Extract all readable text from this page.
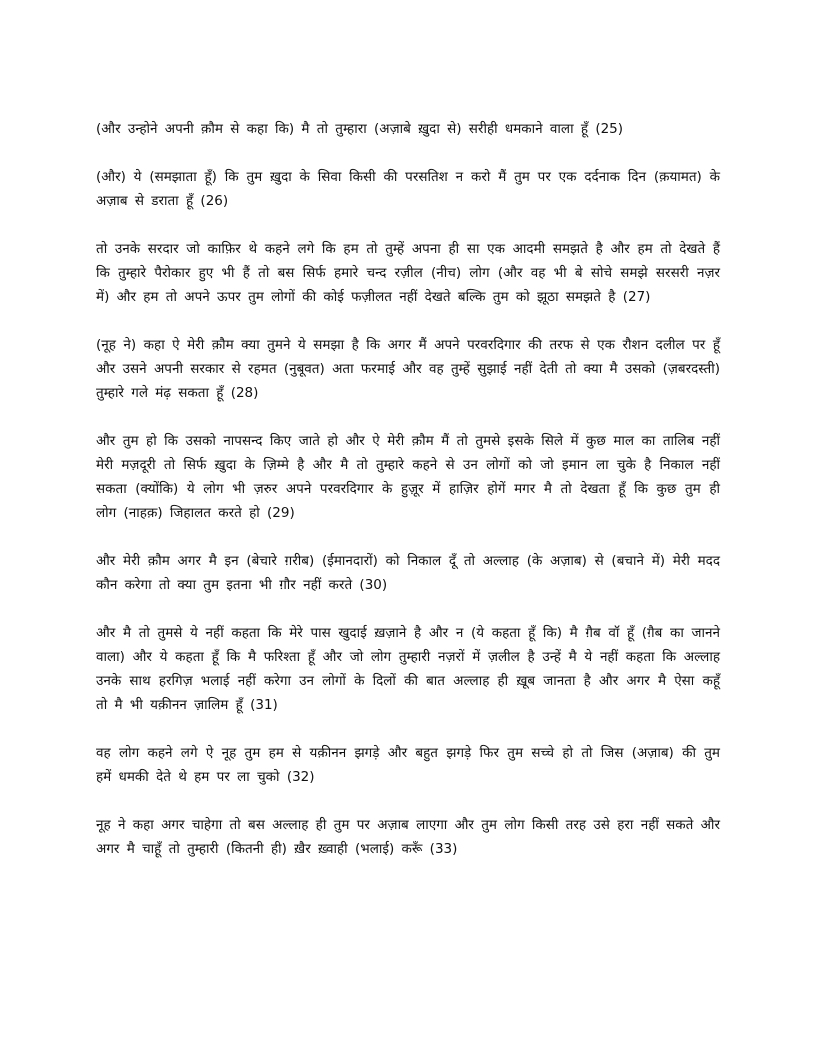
(और उन्होने अपनी क़ौम से कहा कि) मै तो तुम्हारा (अज़ाबे ख़ुदा से) सरीही धमकाने वाला हूँ (25)

(और) ये (समझाता हूँ) कि तुम ख़ुदा के सिवा किसी की परसतिश न करो मैं तुम पर एक दर्दनाक दिन (क़यामत) के अज़ाब से डराता हूँ (26)

तो उनके सरदार जो काफ़िर थे कहने लगे कि हम तो तुम्हें अपना ही सा एक आदमी समझते है और हम तो देखते हैं कि तुम्हारे पैरोकार हुए भी हैं तो बस सिर्फ हमारे चन्द रज़ील (नीच) लोग (और वह भी बे सोचे समझे सरसरी नज़र में) और हम तो अपने ऊपर तुम लोगों की कोई फज़ीलत नहीं देखते बल्कि तुम को झूठा समझते है (27)

(नूह ने) कहा ऐ मेरी क़ौम क्या तुमने ये समझा है कि अगर मैं अपने परवरदिगार की तरफ से एक रौशन दलील पर हूँ और उसने अपनी सरकार से रहमत (नुबूवत) अता फरमाई और वह तुम्हें सुझाई नहीं देती तो क्या मै उसको (ज़बरदस्ती) तुम्हारे गले मंढ़ सकता हूँ (28)

और तुम हो कि उसको नापसन्द किए जाते हो और ऐ मेरी क़ौम मैं तो तुमसे इसके सिले में कुछ माल का तालिब नहीं मेरी मज़दूरी तो सिर्फ ख़ुदा के ज़िम्मे है और मै तो तुम्हारे कहने से उन लोगों को जो इमान ला चुके है निकाल नहीं सकता (क्योंकि) ये लोग भी ज़रुर अपने परवरदिगार के हुज़ूर में हाज़िर होगें मगर मै तो देखता हूँ कि कुछ तुम ही लोग (नाहक़) जिहालत करते हो (29)

और मेरी क़ौम अगर मै इन (बेचारे ग़रीब) (ईमानदारों) को निकाल दूँ तो अल्लाह (के अज़ाब) से (बचाने में) मेरी मदद कौन करेगा तो क्या तुम इतना भी ग़ौर नहीं करते (30)

और मै तो तुमसे ये नहीं कहता कि मेरे पास खुदाई ख़ज़ाने है और न (ये कहता हूँ कि) मै ग़ैब वॉ हूँ (ग़ैब का जानने वाला) और ये कहता हूँ कि मै फरिश्ता हूँ और जो लोग तुम्हारी नज़रों में ज़लील है उन्हें मै ये नहीं कहता कि अल्लाह उनके साथ हरगिज़ भलाई नहीं करेगा उन लोगों के दिलों की बात अल्लाह ही ख़ूब जानता है और अगर मै ऐसा कहूँ तो मै भी यक़ीनन ज़ालिम हूँ (31)

वह लोग कहने लगे ऐ नूह तुम हम से यक़ीनन झगड़े और बहुत झगड़े फिर तुम सच्चे हो तो जिस (अज़ाब) की तुम हमें धमकी देते थे हम पर ला चुको (32)

नूह ने कहा अगर चाहेगा तो बस अल्लाह ही तुम पर अज़ाब लाएगा और तुम लोग किसी तरह उसे हरा नहीं सकते और अगर मै चाहूँ तो तुम्हारी (कितनी ही) ख़ैर ख़्वाही (भलाई) करूँ (33)
